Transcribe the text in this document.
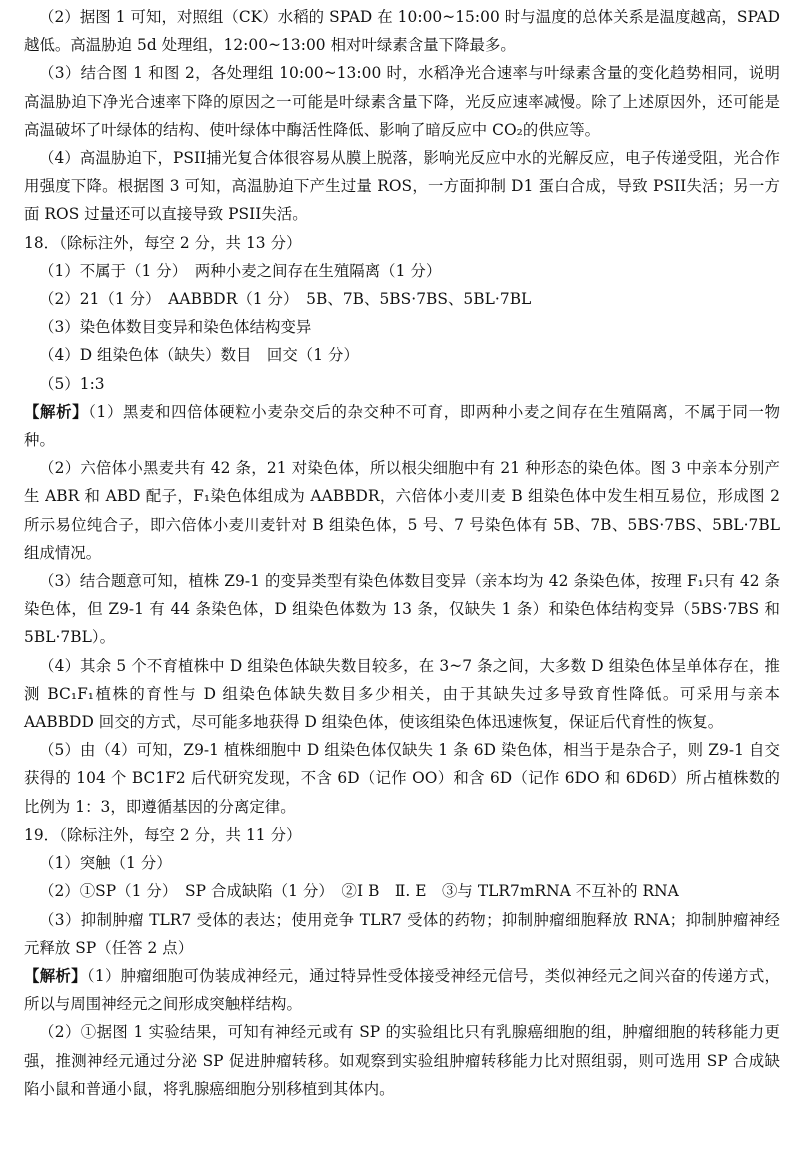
（2）据图 1 可知，对照组（CK）水稻的 SPAD 在 10:00~15:00 时与温度的总体关系是温度越高，SPAD 越低。高温胁迫 5d 处理组，12:00~13:00 相对叶绿素含量下降最多。

（3）结合图 1 和图 2，各处理组 10:00~13:00 时，水稻净光合速率与叶绿素含量的变化趋势相同，说明高温胁迫下净光合速率下降的原因之一可能是叶绿素含量下降，光反应速率减慢。除了上述原因外，还可能是高温破坏了叶绿体的结构、使叶绿体中酶活性降低、影响了暗反应中 CO₂的供应等。

（4）高温胁迫下，PSII捕光复合体很容易从膜上脱落，影响光反应中水的光解反应，电子传递受阻，光合作用强度下降。根据图 3 可知，高温胁迫下产生过量 ROS，一方面抑制 D1 蛋白合成，导致 PSII失活；另一方面 ROS 过量还可以直接导致 PSII失活。

18．（除标注外，每空 2 分，共 13 分）

（1）不属于（1 分）　两种小麦之间存在生殖隔离（1 分）

（2）21（1 分）　AABBDR（1 分）　5B、7B、5BS·7BS、5BL·7BL

（3）染色体数目变异和染色体结构变异

（4）D 组染色体（缺失）数目　回交（1 分）

（5）1:3

【解析】（1）黑麦和四倍体硬粒小麦杂交后的杂交种不可育，即两种小麦之间存在生殖隔离，不属于同一物种。

（2）六倍体小黑麦共有 42 条，21 对染色体，所以根尖细胞中有 21 种形态的染色体。图 3 中亲本分别产生 ABR 和 ABD 配子，F₁染色体组成为 AABBDR，六倍体小麦川麦 B 组染色体中发生相互易位，形成图 2 所示易位纯合子，即六倍体小麦川麦针对 B 组染色体，5 号、7 号染色体有 5B、7B、5BS·7BS、5BL·7BL 组成情况。

（3）结合题意可知，植株 Z9-1 的变异类型有染色体数目变异（亲本均为 42 条染色体，按理 F₁只有 42 条染色体，但 Z9-1 有 44 条染色体，D 组染色体数为 13 条，仅缺失 1 条）和染色体结构变异（5BS·7BS 和 5BL·7BL）。

（4）其余 5 个不育植株中 D 组染色体缺失数目较多，在 3~7 条之间，大多数 D 组染色体呈单体存在，推测 BC₁F₁植株的育性与 D 组染色体缺失数目多少相关，由于其缺失过多导致育性降低。可采用与亲本 AABBDD 回交的方式，尽可能多地获得 D 组染色体，使该组染色体迅速恢复，保证后代育性的恢复。

（5）由（4）可知，Z9-1 植株细胞中 D 组染色体仅缺失 1 条 6D 染色体，相当于是杂合子，则 Z9-1 自交获得的 104 个 BC1F2 后代研究发现，不含 6D（记作 OO）和含 6D（记作 6DO 和 6D6D）所占植株数的比例为 1：3，即遵循基因的分离定律。

19．（除标注外，每空 2 分，共 11 分）

（1）突触（1 分）

（2）①SP（1 分）　SP 合成缺陷（1 分）　②Ⅰ B　Ⅱ. E　③与 TLR7mRNA 不互补的 RNA

（3）抑制肿瘤 TLR7 受体的表达；使用竞争 TLR7 受体的药物；抑制肿瘤细胞释放 RNA；抑制肿瘤神经元释放 SP（任答 2 点）

【解析】（1）肿瘤细胞可伪装成神经元，通过特异性受体接受神经元信号，类似神经元之间兴奋的传递方式，所以与周围神经元之间形成突触样结构。

（2）①据图 1 实验结果，可知有神经元或有 SP 的实验组比只有乳腺癌细胞的组，肿瘤细胞的转移能力更强，推测神经元通过分泌 SP 促进肿瘤转移。如观察到实验组肿瘤转移能力比对照组弱，则可选用 SP 合成缺陷小鼠和普通小鼠，将乳腺癌细胞分别移植到其体内。
